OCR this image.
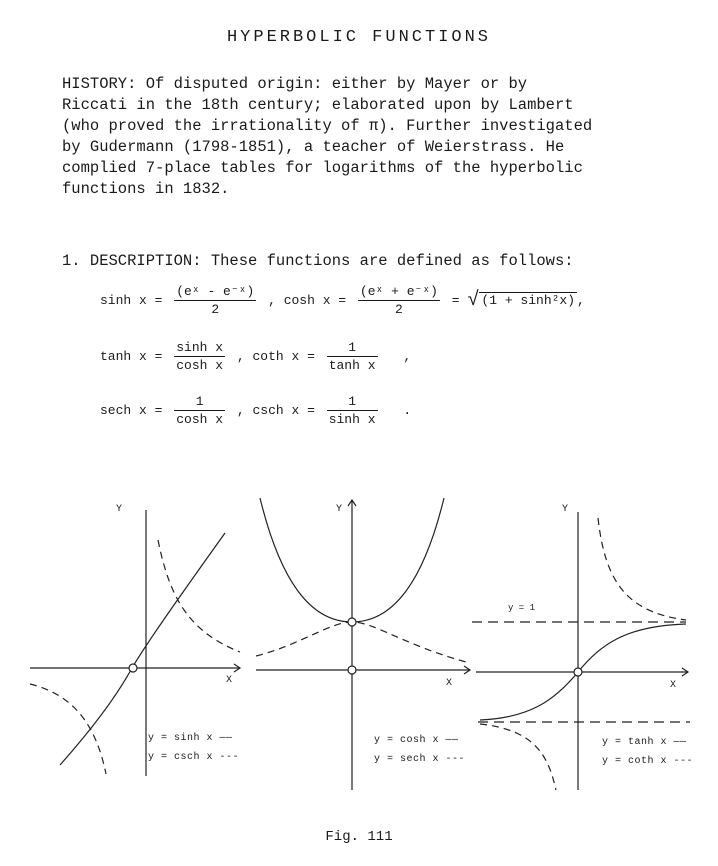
HYPERBOLIC FUNCTIONS
HISTORY: Of disputed origin: either by Mayer or by
Riccati in the 18th century; elaborated upon by Lambert
(who proved the irrationality of π). Further investigated
by Gudermann (1798-1851), a teacher of Weierstrass. He
complied 7-place tables for logarithms of the hyperbolic
functions in 1832.
1. DESCRIPTION: These functions are defined as follows:
$\sinh x = \frac{\text{(eˣ - e⁻ˣ)}}{2}$ , $\cosh x = \frac{\text{(eˣ + e⁻ˣ)}}{2}$ = √ (1 + sinh²x) ,
$\tanh x = \frac{\text{sinh x}}{\text{cosh x}}$ , coth $x = \frac{1}{\text{tanh x}}$ ,
sech $x = \frac{1}{\text{cosh x}}$ , csch $x = \frac{1}{\text{sinh x}}$ .
Y
X
Y
X
Y
X
y = 1
y = sinh x ——
y = csch x ---
y = cosh x ——
y = sech x ---
y = tanh x ——
y = coth x ---
Fig. 111
